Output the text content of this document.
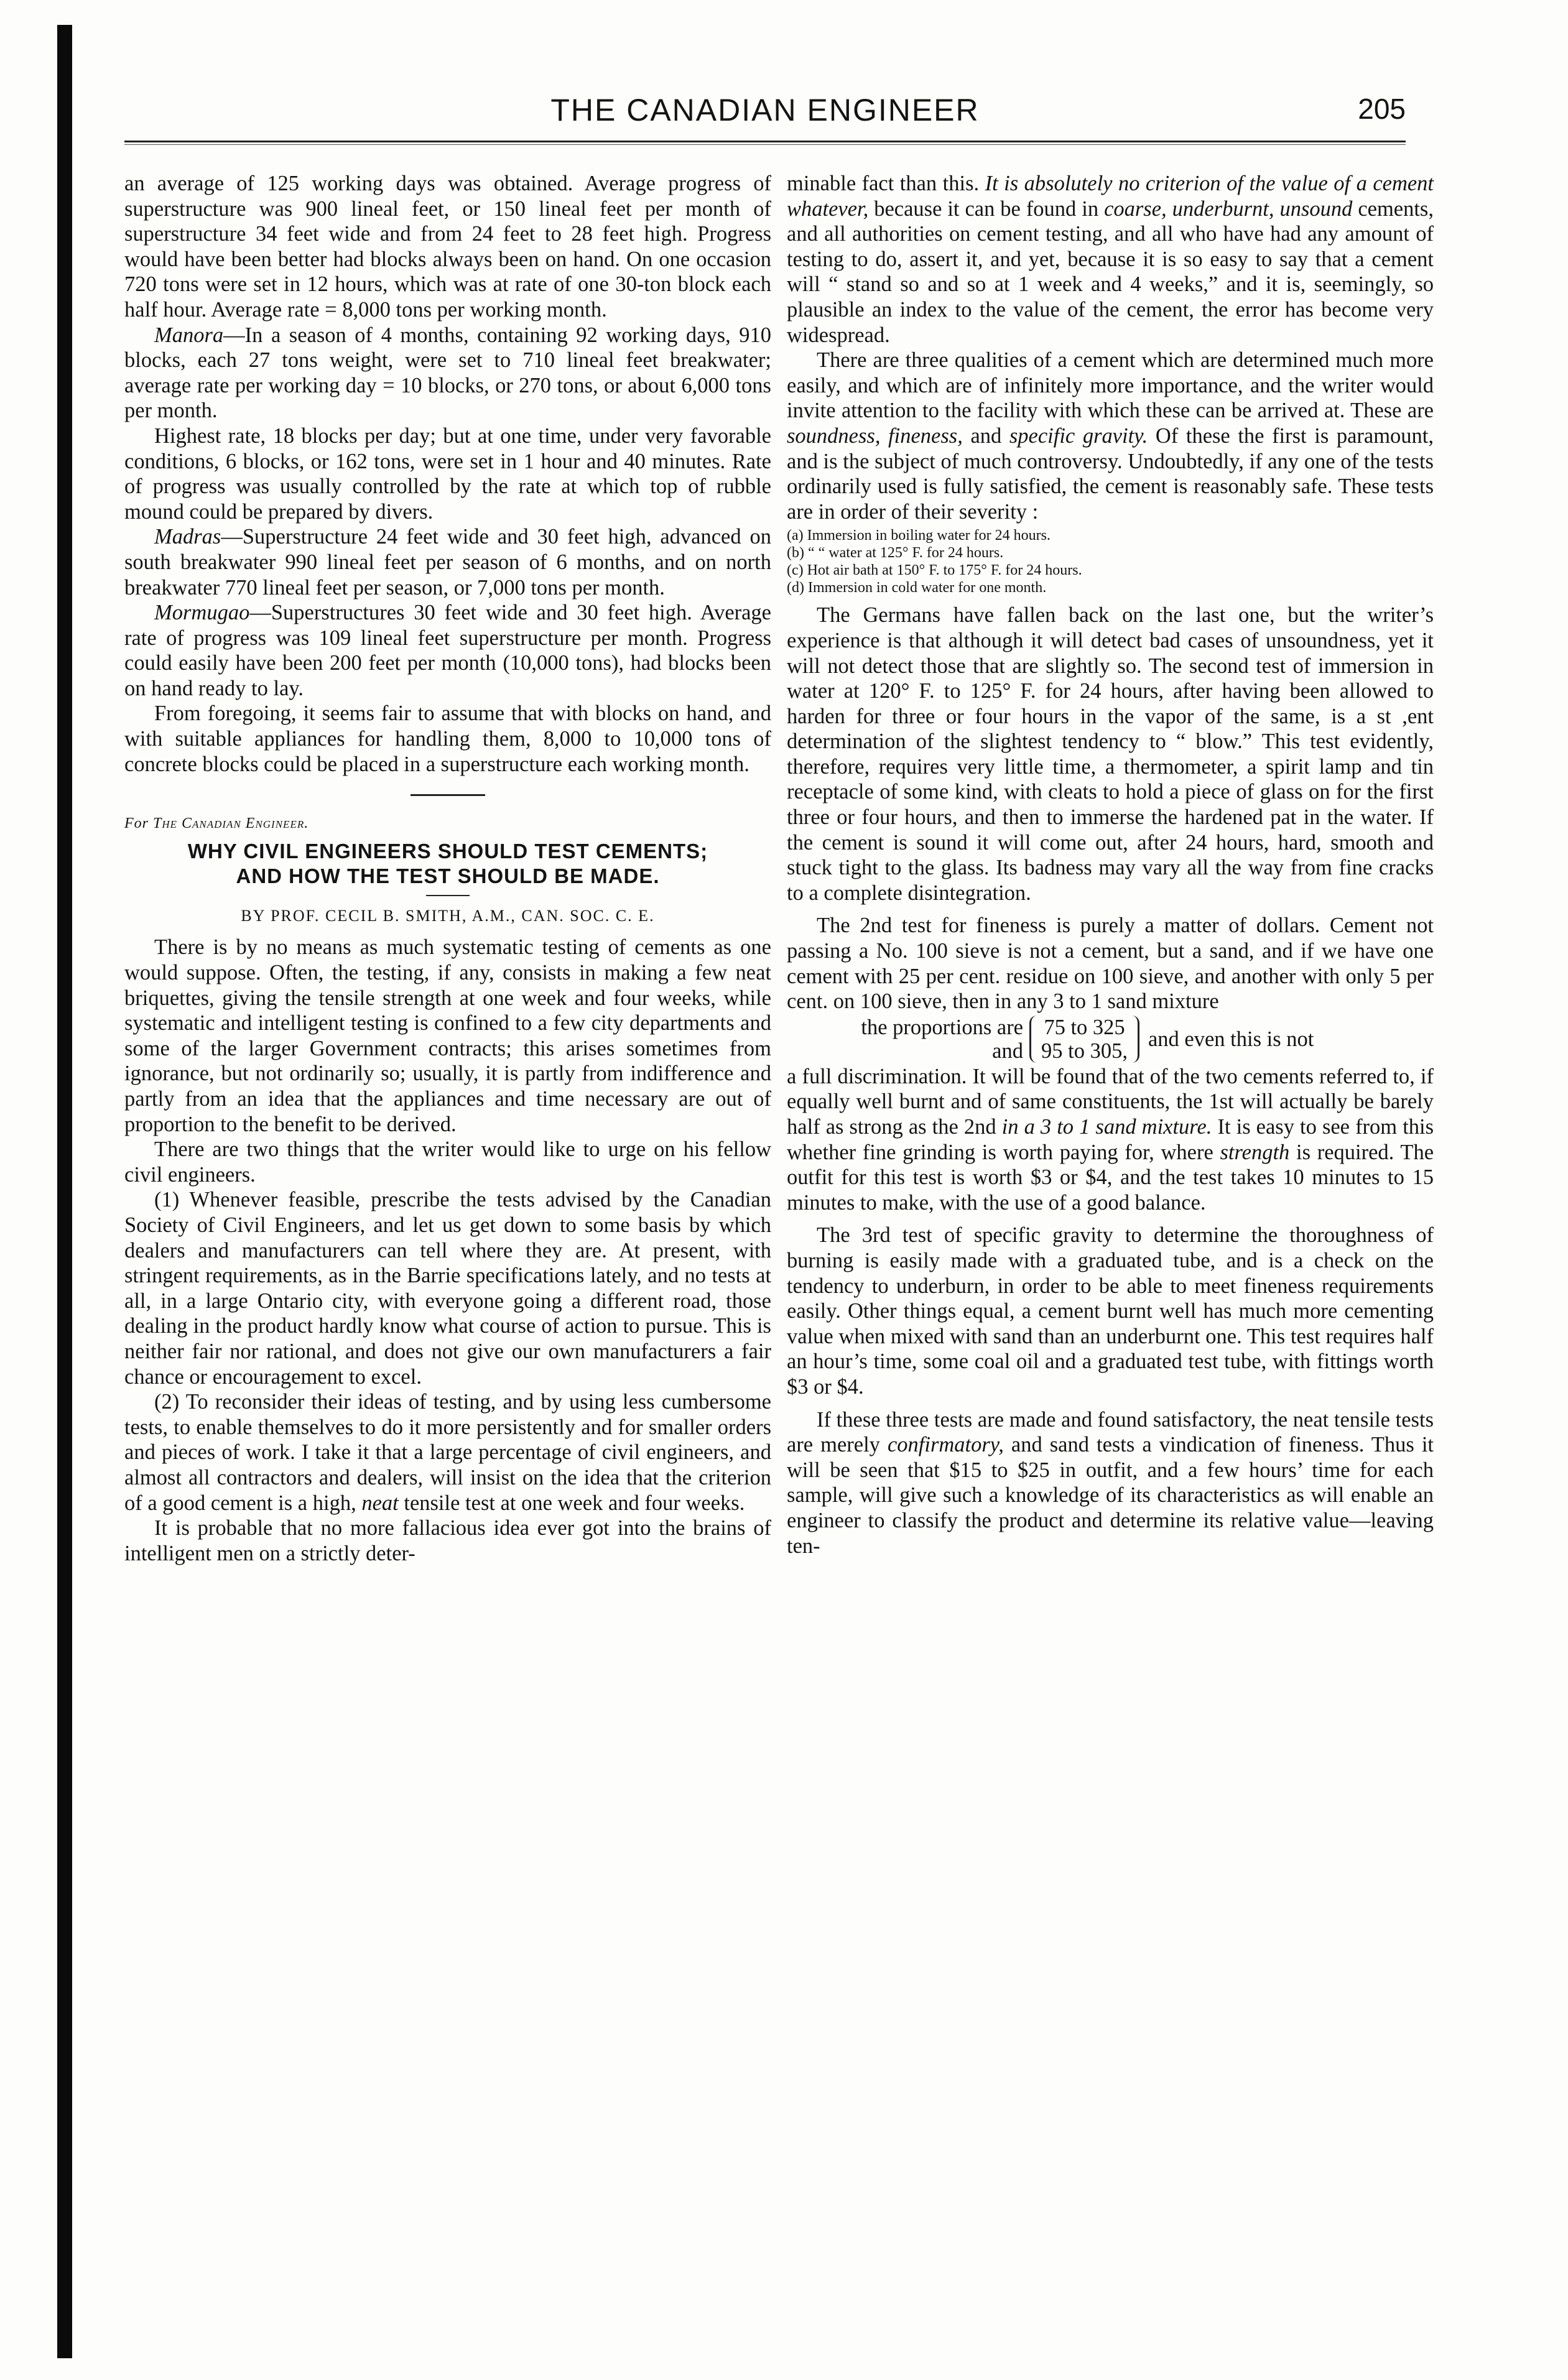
THE CANADIAN ENGINEER	205

an average of 125 working days was obtained. Average progress of superstructure was 900 lineal feet, or 150 lineal feet per month of superstructure 34 feet wide and from 24 feet to 28 feet high. Progress would have been better had blocks always been on hand. On one occasion 720 tons were set in 12 hours, which was at rate of one 30-ton block each half hour. Average rate = 8,000 tons per working month.

Manora—In a season of 4 months, containing 92 working days, 910 blocks, each 27 tons weight, were set to 710 lineal feet breakwater; average rate per working day = 10 blocks, or 270 tons, or about 6,000 tons per month.

Highest rate, 18 blocks per day; but at one time, under very favorable conditions, 6 blocks, or 162 tons, were set in 1 hour and 40 minutes. Rate of progress was usually controlled by the rate at which top of rubble mound could be prepared by divers.

Madras—Superstructure 24 feet wide and 30 feet high, advanced on south breakwater 990 lineal feet per season of 6 months, and on north breakwater 770 lineal feet per season, or 7,000 tons per month.

Mormugao—Superstructures 30 feet wide and 30 feet high. Average rate of progress was 109 lineal feet superstructure per month. Progress could easily have been 200 feet per month (10,000 tons), had blocks been on hand ready to lay.

From foregoing, it seems fair to assume that with blocks on hand, and with suitable appliances for handling them, 8,000 to 10,000 tons of concrete blocks could be placed in a superstructure each working month.

For The Canadian Engineer.

WHY CIVIL ENGINEERS SHOULD TEST CEMENTS;
AND HOW THE TEST SHOULD BE MADE.

BY PROF. CECIL B. SMITH, A.M., CAN. SOC. C. E.

There is by no means as much systematic testing of cements as one would suppose. Often, the testing, if any, consists in making a few neat briquettes, giving the tensile strength at one week and four weeks, while systematic and intelligent testing is confined to a few city departments and some of the larger Government contracts; this arises sometimes from ignorance, but not ordinarily so; usually, it is partly from indifference and partly from an idea that the appliances and time necessary are out of proportion to the benefit to be derived.

There are two things that the writer would like to urge on his fellow civil engineers.

(1) Whenever feasible, prescribe the tests advised by the Canadian Society of Civil Engineers, and let us get down to some basis by which dealers and manufacturers can tell where they are. At present, with stringent requirements, as in the Barrie specifications lately, and no tests at all, in a large Ontario city, with everyone going a different road, those dealing in the product hardly know what course of action to pursue. This is neither fair nor rational, and does not give our own manufacturers a fair chance or encouragement to excel.

(2) To reconsider their ideas of testing, and by using less cumbersome tests, to enable themselves to do it more persistently and for smaller orders and pieces of work. I take it that a large percentage of civil engineers, and almost all contractors and dealers, will insist on the idea that the criterion of a good cement is a high, neat tensile test at one week and four weeks.

It is probable that no more fallacious idea ever got into the brains of intelligent men on a strictly deter-

minable fact than this. It is absolutely no criterion of the value of a cement whatever, because it can be found in coarse, underburnt, unsound cements, and all authorities on cement testing, and all who have had any amount of testing to do, assert it, and yet, because it is so easy to say that a cement will “ stand so and so at 1 week and 4 weeks,” and it is, seemingly, so plausible an index to the value of the cement, the error has become very widespread.

There are three qualities of a cement which are determined much more easily, and which are of infinitely more importance, and the writer would invite attention to the facility with which these can be arrived at. These are soundness, fineness, and specific gravity. Of these the first is paramount, and is the subject of much controversy. Undoubtedly, if any one of the tests ordinarily used is fully satisfied, the cement is reasonably safe. These tests are in order of their severity :

(a) Immersion in boiling water for 24 hours.
(b) “ “ water at 125° F. for 24 hours.
(c) Hot air bath at 150° F. to 175° F. for 24 hours.
(d) Immersion in cold water for one month.

The Germans have fallen back on the last one, but the writer’s experience is that although it will detect bad cases of unsoundness, yet it will not detect those that are slightly so. The second test of immersion in water at 120° F. to 125° F. for 24 hours, after having been allowed to harden for three or four hours in the vapor of the same, is a st ,ent determination of the slightest tendency to “ blow.” This test evidently, therefore, requires very little time, a thermometer, a spirit lamp and tin receptacle of some kind, with cleats to hold a piece of glass on for the first three or four hours, and then to immerse the hardened pat in the water. If the cement is sound it will come out, after 24 hours, hard, smooth and stuck tight to the glass. Its badness may vary all the way from fine cracks to a complete disintegration.

The 2nd test for fineness is purely a matter of dollars. Cement not passing a No. 100 sieve is not a cement, but a sand, and if we have one cement with 25 per cent. residue on 100 sieve, and another with only 5 per cent. on 100 sieve, then in any 3 to 1 sand mixture

the proportions are
and
75 to 325
95 to 305,
and even this is not

a full discrimination. It will be found that of the two cements referred to, if equally well burnt and of same constituents, the 1st will actually be barely half as strong as the 2nd in a 3 to 1 sand mixture. It is easy to see from this whether fine grinding is worth paying for, where strength is required. The outfit for this test is worth $3 or $4, and the test takes 10 minutes to 15 minutes to make, with the use of a good balance.

The 3rd test of specific gravity to determine the thoroughness of burning is easily made with a graduated tube, and is a check on the tendency to underburn, in order to be able to meet fineness requirements easily. Other things equal, a cement burnt well has much more cementing value when mixed with sand than an underburnt one. This test requires half an hour’s time, some coal oil and a graduated test tube, with fittings worth $3 or $4.

If these three tests are made and found satisfactory, the neat tensile tests are merely confirmatory, and sand tests a vindication of fineness. Thus it will be seen that $15 to $25 in outfit, and a few hours’ time for each sample, will give such a knowledge of its characteristics as will enable an engineer to classify the product and determine its relative value—leaving ten-
